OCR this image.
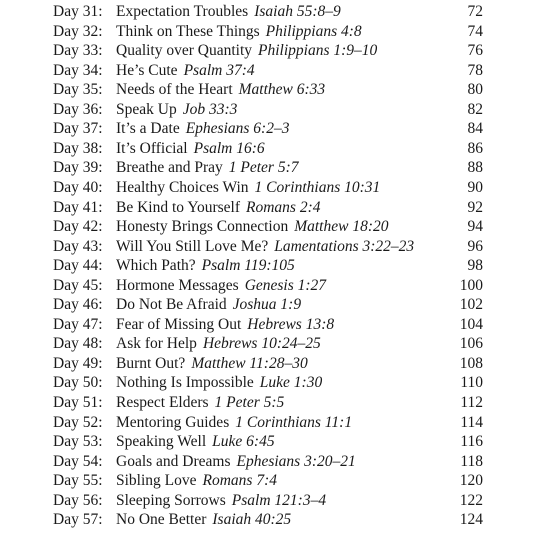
Day 31: Expectation Troubles Isaiah 55:8–9	72
Day 32: Think on These Things Philippians 4:8	74
Day 33: Quality over Quantity Philippians 1:9–10	76
Day 34: He’s Cute Psalm 37:4	78
Day 35: Needs of the Heart Matthew 6:33	80
Day 36: Speak Up Job 33:3	82
Day 37: It’s a Date Ephesians 6:2–3	84
Day 38: It’s Official Psalm 16:6	86
Day 39: Breathe and Pray 1 Peter 5:7	88
Day 40: Healthy Choices Win 1 Corinthians 10:31	90
Day 41: Be Kind to Yourself Romans 2:4	92
Day 42: Honesty Brings Connection Matthew 18:20	94
Day 43: Will You Still Love Me? Lamentations 3:22–23	96
Day 44: Which Path? Psalm 119:105	98
Day 45: Hormone Messages Genesis 1:27	100
Day 46: Do Not Be Afraid Joshua 1:9	102
Day 47: Fear of Missing Out Hebrews 13:8	104
Day 48: Ask for Help Hebrews 10:24–25	106
Day 49: Burnt Out? Matthew 11:28–30	108
Day 50: Nothing Is Impossible Luke 1:30	110
Day 51: Respect Elders 1 Peter 5:5	112
Day 52: Mentoring Guides 1 Corinthians 11:1	114
Day 53: Speaking Well Luke 6:45	116
Day 54: Goals and Dreams Ephesians 3:20–21	118
Day 55: Sibling Love Romans 7:4	120
Day 56: Sleeping Sorrows Psalm 121:3–4	122
Day 57: No One Better Isaiah 40:25	124
